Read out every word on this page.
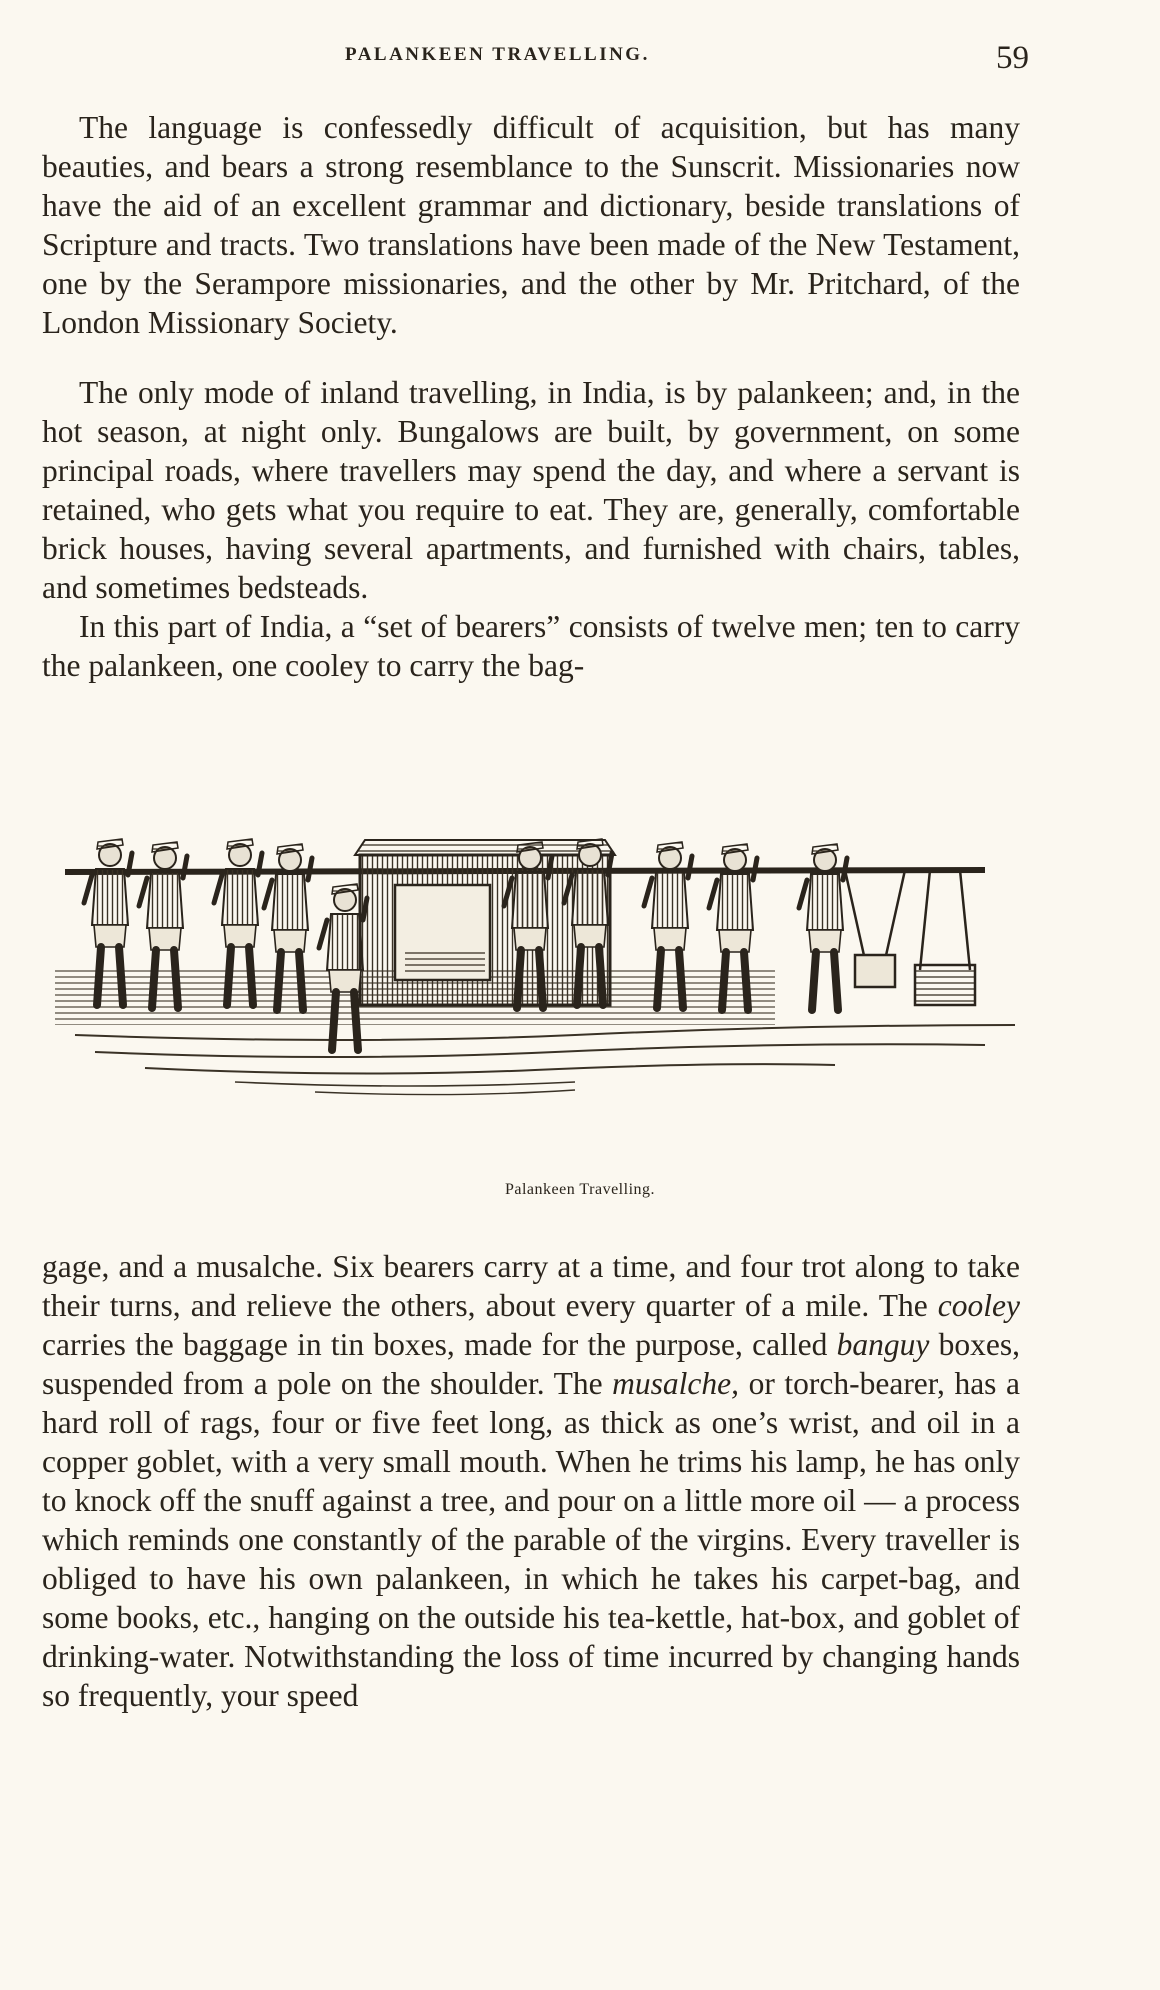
PALANKEEN TRAVELLING.	59

The language is confessedly difficult of acquisition, but has many beauties, and bears a strong resemblance to the Sunscrit. Missionaries now have the aid of an excellent grammar and dictionary, beside translations of Scripture and tracts. Two translations have been made of the New Testament, one by the Serampore missionaries, and the other by Mr. Pritchard, of the London Missionary Society.

The only mode of inland travelling, in India, is by palankeen; and, in the hot season, at night only. Bungalows are built, by government, on some principal roads, where travellers may spend the day, and where a servant is retained, who gets what you require to eat. They are, generally, comfortable brick houses, having several apartments, and furnished with chairs, tables, and sometimes bedsteads.

In this part of India, a “set of bearers” consists of twelve men; ten to carry the palankeen, one cooley to carry the bag-

Palankeen Travelling.

gage, and a musalche. Six bearers carry at a time, and four trot along to take their turns, and relieve the others, about every quarter of a mile. The cooley carries the baggage in tin boxes, made for the purpose, called banguy boxes, suspended from a pole on the shoulder. The musalche, or torch-bearer, has a hard roll of rags, four or five feet long, as thick as one’s wrist, and oil in a copper goblet, with a very small mouth. When he trims his lamp, he has only to knock off the snuff against a tree, and pour on a little more oil — a process which reminds one constantly of the parable of the virgins. Every traveller is obliged to have his own palankeen, in which he takes his carpet-bag, and some books, etc., hanging on the outside his tea-kettle, hat-box, and goblet of drinking-water. Notwithstanding the loss of time incurred by changing hands so frequently, your speed
